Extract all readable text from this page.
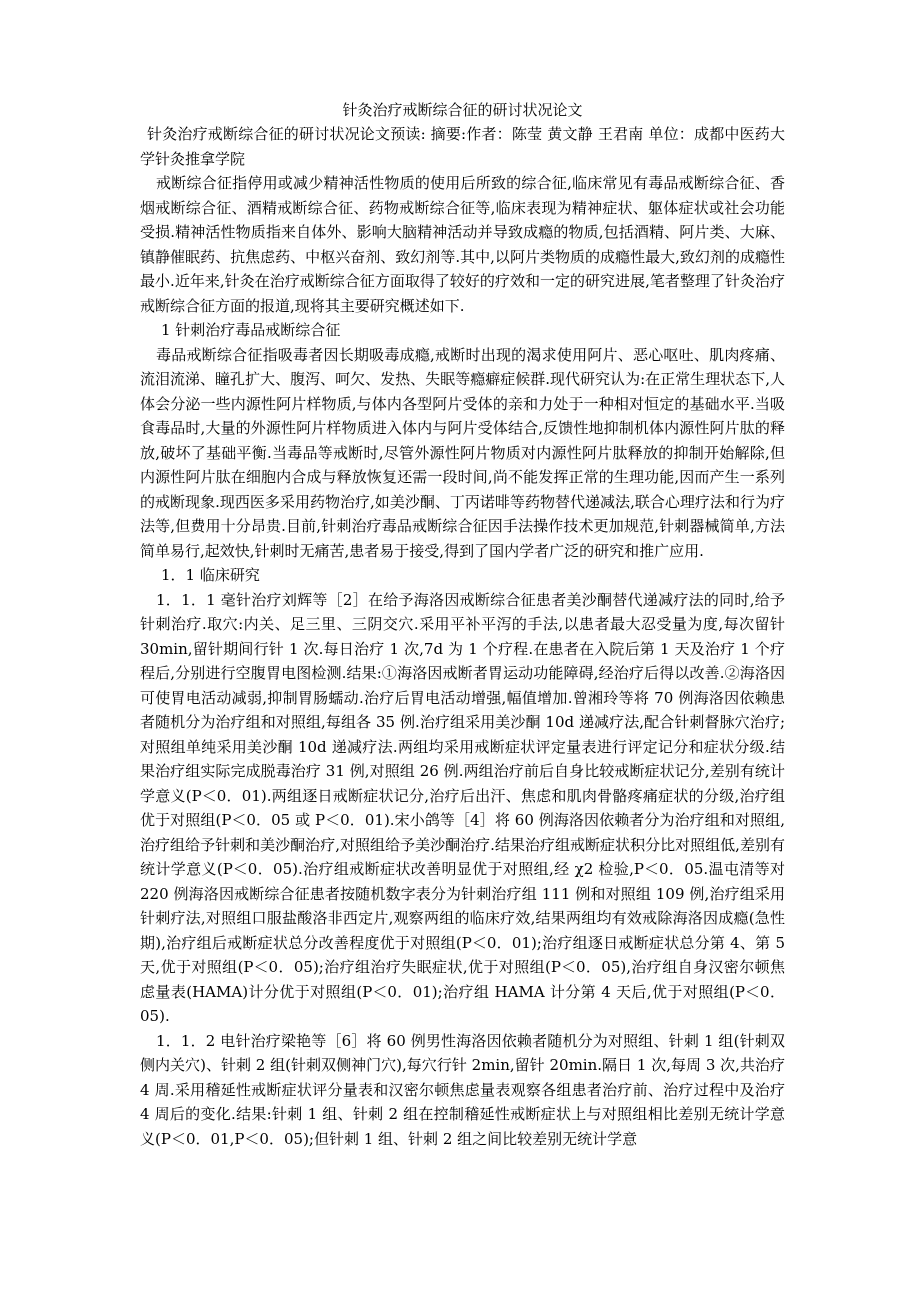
针灸治疗戒断综合征的研讨状况论文

针灸治疗戒断综合征的研讨状况论文预读: 摘要:作者：陈莹 黄文静 王君南 单位：成都中医药大学针灸推拿学院

戒断综合征指停用或减少精神活性物质的使用后所致的综合征,临床常见有毒品戒断综合征、香烟戒断综合征、酒精戒断综合征、药物戒断综合征等,临床表现为精神症状、躯体症状或社会功能受损.精神活性物质指来自体外、影响大脑精神活动并导致成瘾的物质,包括酒精、阿片类、大麻、镇静催眠药、抗焦虑药、中枢兴奋剂、致幻剂等.其中,以阿片类物质的成瘾性最大,致幻剂的成瘾性最小.近年来,针灸在治疗戒断综合征方面取得了较好的疗效和一定的研究进展,笔者整理了针灸治疗戒断综合征方面的报道,现将其主要研究概述如下.

1 针刺治疗毒品戒断综合征

毒品戒断综合征指吸毒者因长期吸毒成瘾,戒断时出现的渴求使用阿片、恶心呕吐、肌肉疼痛、流泪流涕、瞳孔扩大、腹泻、呵欠、发热、失眠等瘾癖症候群.现代研究认为:在正常生理状态下,人体会分泌一些内源性阿片样物质,与体内各型阿片受体的亲和力处于一种相对恒定的基础水平.当吸食毒品时,大量的外源性阿片样物质进入体内与阿片受体结合,反馈性地抑制机体内源性阿片肽的释放,破坏了基础平衡.当毒品等戒断时,尽管外源性阿片物质对内源性阿片肽释放的抑制开始解除,但内源性阿片肽在细胞内合成与释放恢复还需一段时间,尚不能发挥正常的生理功能,因而产生一系列的戒断现象.现西医多采用药物治疗,如美沙酮、丁丙诺啡等药物替代递减法,联合心理疗法和行为疗法等,但费用十分昂贵.目前,针刺治疗毒品戒断综合征因手法操作技术更加规范,针刺器械简单,方法简单易行,起效快,针刺时无痛苦,患者易于接受,得到了国内学者广泛的研究和推广应用.

1．1 临床研究

1．1．1 毫针治疗刘辉等［2］在给予海洛因戒断综合征患者美沙酮替代递减疗法的同时,给予针刺治疗.取穴:内关、足三里、三阴交穴.采用平补平泻的手法,以患者最大忍受量为度,每次留针 30min,留针期间行针 1 次.每日治疗 1 次,7d 为 1 个疗程.在患者在入院后第 1 天及治疗 1 个疗程后,分别进行空腹胃电图检测.结果:①海洛因戒断者胃运动功能障碍,经治疗后得以改善.②海洛因可使胃电活动减弱,抑制胃肠蠕动.治疗后胃电活动增强,幅值增加.曾湘玲等将 70 例海洛因依赖患者随机分为治疗组和对照组,每组各 35 例.治疗组采用美沙酮 10d 递减疗法,配合针刺督脉穴治疗;对照组单纯采用美沙酮 10d 递减疗法.两组均采用戒断症状评定量表进行评定记分和症状分级.结果治疗组实际完成脱毒治疗 31 例,对照组 26 例.两组治疗前后自身比较戒断症状记分,差别有统计学意义(P＜0．01).两组逐日戒断症状记分,治疗后出汗、焦虑和肌肉骨骼疼痛症状的分级,治疗组优于对照组(P＜0．05 或 P＜0．01).宋小鸽等［4］将 60 例海洛因依赖者分为治疗组和对照组,治疗组给予针刺和美沙酮治疗,对照组给予美沙酮治疗.结果治疗组戒断症状积分比对照组低,差别有统计学意义(P＜0．05).治疗组戒断症状改善明显优于对照组,经 χ2 检验,P＜0．05.温屯清等对 220 例海洛因戒断综合征患者按随机数字表分为针刺治疗组 111 例和对照组 109 例,治疗组采用针刺疗法,对照组口服盐酸洛非西定片,观察两组的临床疗效,结果两组均有效戒除海洛因成瘾(急性期),治疗组后戒断症状总分改善程度优于对照组(P＜0．01);治疗组逐日戒断症状总分第 4、第 5 天,优于对照组(P＜0．05);治疗组治疗失眠症状,优于对照组(P＜0．05),治疗组自身汉密尔顿焦虑量表(HAMA)计分优于对照组(P＜0．01);治疗组 HAMA 计分第 4 天后,优于对照组(P＜0．05).

1．1．2 电针治疗梁艳等［6］将 60 例男性海洛因依赖者随机分为对照组、针刺 1 组(针刺双侧内关穴)、针刺 2 组(针刺双侧神门穴),每穴行针 2min,留针 20min.隔日 1 次,每周 3 次,共治疗 4 周.采用稽延性戒断症状评分量表和汉密尔顿焦虑量表观察各组患者治疗前、治疗过程中及治疗 4 周后的变化.结果:针刺 1 组、针刺 2 组在控制稽延性戒断症状上与对照组相比差别无统计学意义(P＜0．01,P＜0．05);但针刺 1 组、针刺 2 组之间比较差别无统计学意
